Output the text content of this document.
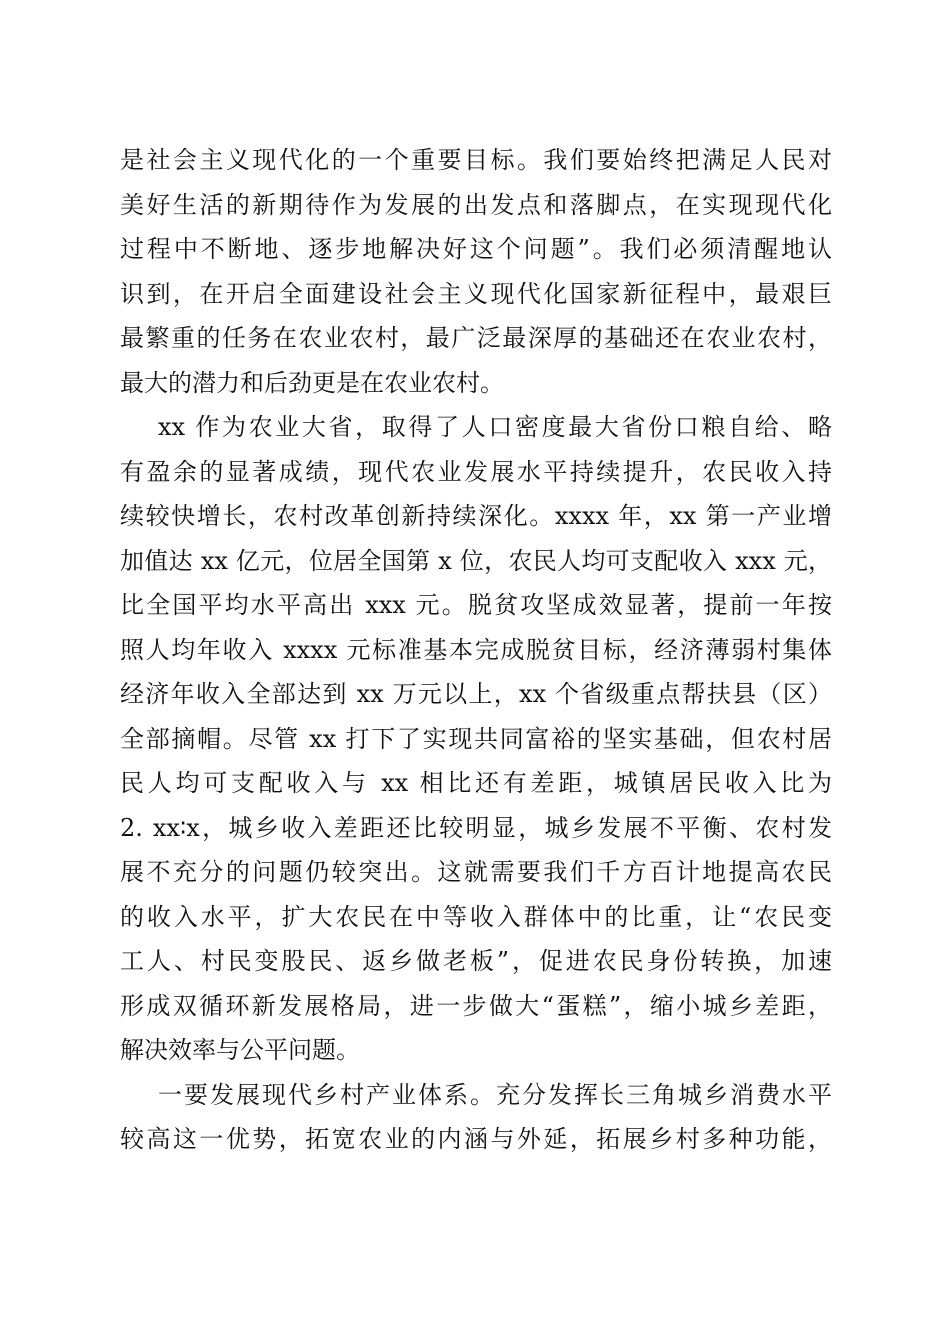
是社会主义现代化的一个重要目标。我们要始终把满足人民对
美好生活的新期待作为发展的出发点和落脚点，在实现现代化
过程中不断地、逐步地解决好这个问题”。我们必须清醒地认
识到，在开启全面建设社会主义现代化国家新征程中，最艰巨
最繁重的任务在农业农村，最广泛最深厚的基础还在农业农村，
最大的潜力和后劲更是在农业农村。
xx 作为农业大省，取得了人口密度最大省份口粮自给、略
有盈余的显著成绩，现代农业发展水平持续提升，农民收入持
续较快增长，农村改革创新持续深化。xxxx 年，xx 第一产业增
加值达 xx 亿元，位居全国第 x 位，农民人均可支配收入 xxx 元，
比全国平均水平高出 xxx 元。脱贫攻坚成效显著，提前一年按
照人均年收入 xxxx 元标准基本完成脱贫目标，经济薄弱村集体
经济年收入全部达到 xx 万元以上，xx 个省级重点帮扶县（区）
全部摘帽。尽管 xx 打下了实现共同富裕的坚实基础，但农村居
民人均可支配收入与 xx 相比还有差距，城镇居民收入比为
2. xx∶x，城乡收入差距还比较明显，城乡发展不平衡、农村发
展不充分的问题仍较突出。这就需要我们千方百计地提高农民
的收入水平，扩大农民在中等收入群体中的比重，让“农民变
工人、村民变股民、返乡做老板”，促进农民身份转换，加速
形成双循环新发展格局，进一步做大“蛋糕”，缩小城乡差距，
解决效率与公平问题。
一要发展现代乡村产业体系。充分发挥长三角城乡消费水平
较高这一优势，拓宽农业的内涵与外延，拓展乡村多种功能，
